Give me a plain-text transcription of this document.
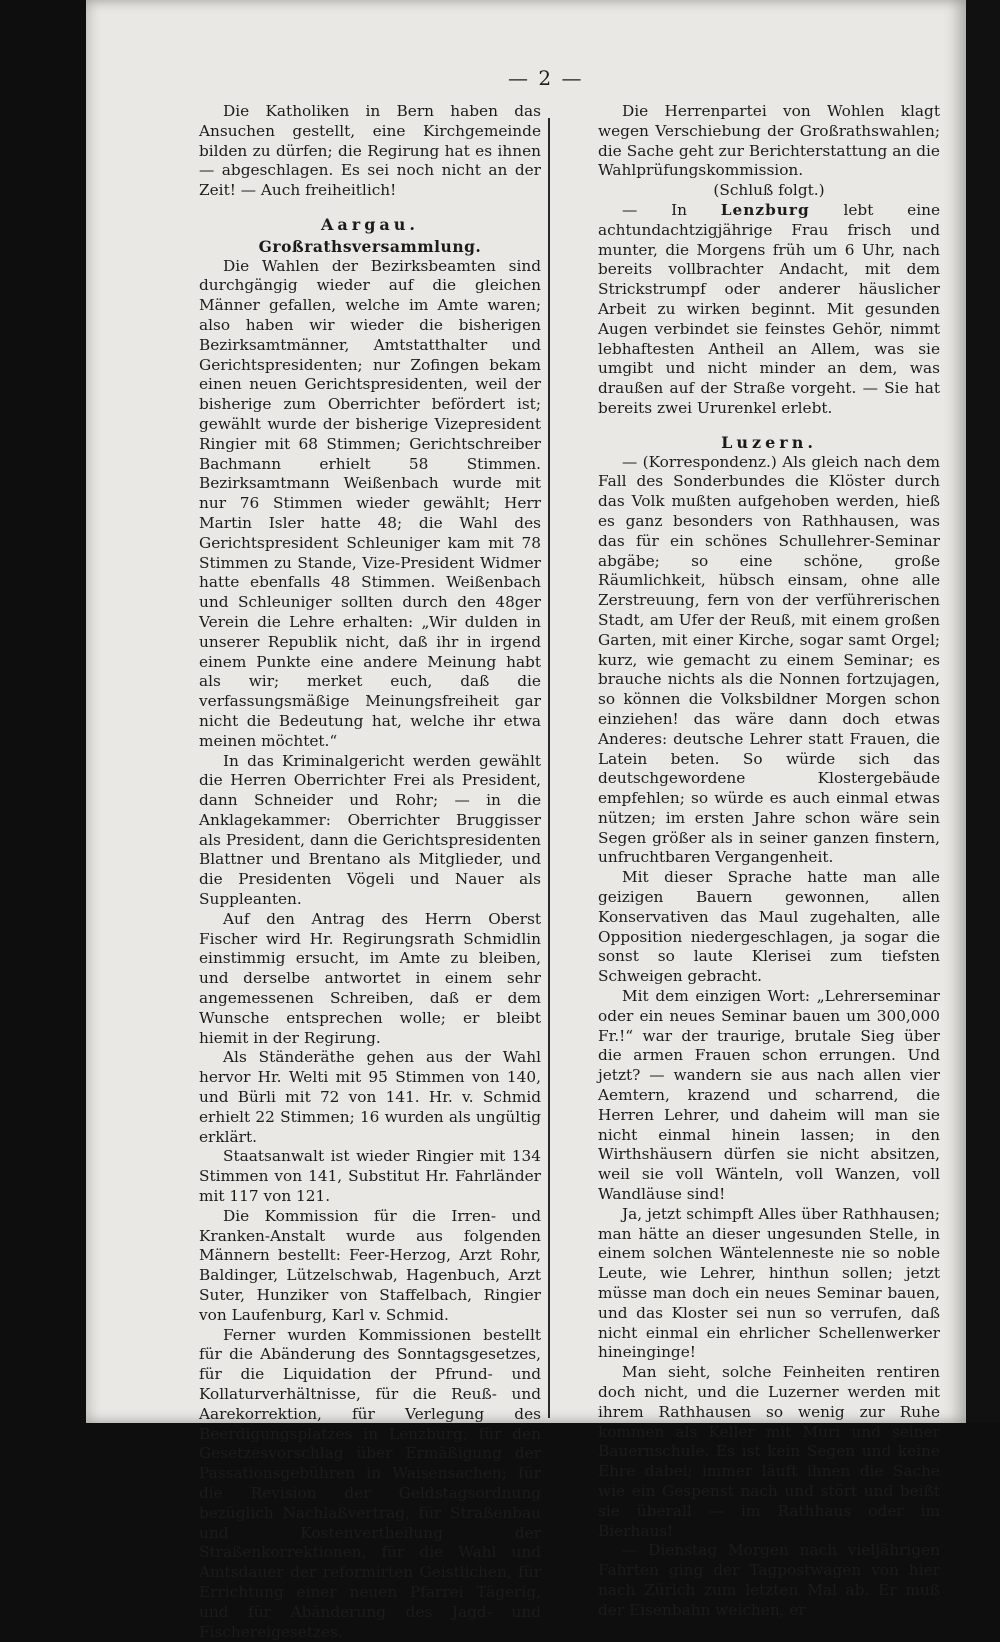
— 2 —

Die Katholiken in Bern haben das Ansuchen gestellt, eine Kirchgemeinde bilden zu dürfen; die Regirung hat es ihnen — abgeschlagen. Es sei noch nicht an der Zeit! — Auch freiheitlich!

Aargau.
Großrathsversammlung.

Die Wahlen der Bezirksbeamten sind durchgängig wieder auf die gleichen Männer gefallen, welche im Amte waren; also haben wir wieder die bisherigen Bezirksamtmänner, Amtstatthalter und Gerichtspresidenten; nur Zofingen bekam einen neuen Gerichtspresidenten, weil der bisherige zum Oberrichter befördert ist; gewählt wurde der bisherige Vizepresident Ringier mit 68 Stimmen; Gerichtschreiber Bachmann erhielt 58 Stimmen. Bezirksamtmann Weißenbach wurde mit nur 76 Stimmen wieder gewählt; Herr Martin Isler hatte 48; die Wahl des Gerichtspresident Schleuniger kam mit 78 Stimmen zu Stande, Vize-President Widmer hatte ebenfalls 48 Stimmen. Weißenbach und Schleuniger sollten durch den 48ger Verein die Lehre erhalten: „Wir dulden in unserer Republik nicht, daß ihr in irgend einem Punkte eine andere Meinung habt als wir; merket euch, daß die verfassungsmäßige Meinungsfreiheit gar nicht die Bedeutung hat, welche ihr etwa meinen möchtet.“

In das Kriminalgericht werden gewählt die Herren Oberrichter Frei als President, dann Schneider und Rohr; — in die Anklagekammer: Oberrichter Bruggisser als President, dann die Gerichtspresidenten Blattner und Brentano als Mitglieder, und die Presidenten Vögeli und Nauer als Suppleanten.

Auf den Antrag des Herrn Oberst Fischer wird Hr. Regirungsrath Schmidlin einstimmig ersucht, im Amte zu bleiben, und derselbe antwortet in einem sehr angemessenen Schreiben, daß er dem Wunsche entsprechen wolle; er bleibt hiemit in der Regirung.

Als Ständeräthe gehen aus der Wahl hervor Hr. Welti mit 95 Stimmen von 140, und Bürli mit 72 von 141. Hr. v. Schmid erhielt 22 Stimmen; 16 wurden als ungültig erklärt.

Staatsanwalt ist wieder Ringier mit 134 Stimmen von 141, Substitut Hr. Fahrländer mit 117 von 121.

Die Kommission für die Irren- und Kranken-Anstalt wurde aus folgenden Männern bestellt: Feer-Herzog, Arzt Rohr, Baldinger, Lützelschwab, Hagenbuch, Arzt Suter, Hunziker von Staffelbach, Ringier von Laufenburg, Karl v. Schmid.

Ferner wurden Kommissionen bestellt für die Abänderung des Sonntagsgesetzes, für die Liquidation der Pfrund- und Kollaturverhältnisse, für die Reuß- und Aarekorrektion, für Verlegung des Beerdigungsplatzes in Lenzburg, für den Gesetzesvorschlag über Ermäßigung der Passationsgebühren in Waisensachen; für die Revision der Geldstagsordnung bezüglich Nachlaßvertrag, für Straßenbau und Kostenvertheilung der Straßenkorrektionen, für die Wahl und Amtsdauer der reformirten Geistlichen, für Errichtung einer neuen Pfarrei Tägerig, und für Abänderung des Jagd- und Fischereigesetzes.

Die Herrenpartei von Wohlen klagt wegen Verschiebung der Großrathswahlen; die Sache geht zur Berichterstattung an die Wahlprüfungskommission.

(Schluß folgt.)

— In Lenzburg lebt eine achtundachtzigjährige Frau frisch und munter, die Morgens früh um 6 Uhr, nach bereits vollbrachter Andacht, mit dem Strickstrumpf oder anderer häuslicher Arbeit zu wirken beginnt. Mit gesunden Augen verbindet sie feinstes Gehör, nimmt lebhaftesten Antheil an Allem, was sie umgibt und nicht minder an dem, was draußen auf der Straße vorgeht. — Sie hat bereits zwei Ururenkel erlebt.

Luzern.

— (Korrespondenz.) Als gleich nach dem Fall des Sonderbundes die Klöster durch das Volk mußten aufgehoben werden, hieß es ganz besonders von Rathhausen, was das für ein schönes Schullehrer-Seminar abgäbe; so eine schöne, große Räumlichkeit, hübsch einsam, ohne alle Zerstreuung, fern von der verführerischen Stadt, am Ufer der Reuß, mit einem großen Garten, mit einer Kirche, sogar samt Orgel; kurz, wie gemacht zu einem Seminar; es brauche nichts als die Nonnen fortzujagen, so können die Volksbildner Morgen schon einziehen! das wäre dann doch etwas Anderes: deutsche Lehrer statt Frauen, die Latein beten. So würde sich das deutschgewordene Klostergebäude empfehlen; so würde es auch einmal etwas nützen; im ersten Jahre schon wäre sein Segen größer als in seiner ganzen finstern, unfruchtbaren Vergangenheit.

Mit dieser Sprache hatte man alle geizigen Bauern gewonnen, allen Konservativen das Maul zugehalten, alle Opposition niedergeschlagen, ja sogar die sonst so laute Klerisei zum tiefsten Schweigen gebracht.

Mit dem einzigen Wort: „Lehrerseminar oder ein neues Seminar bauen um 300,000 Fr.!“ war der traurige, brutale Sieg über die armen Frauen schon errungen. Und jetzt? — wandern sie aus nach allen vier Aemtern, krazend und scharrend, die Herren Lehrer, und daheim will man sie nicht einmal hinein lassen; in den Wirthshäusern dürfen sie nicht absitzen, weil sie voll Wänteln, voll Wanzen, voll Wandläuse sind!

Ja, jetzt schimpft Alles über Rathhausen; man hätte an dieser ungesunden Stelle, in einem solchen Wäntelenneste nie so noble Leute, wie Lehrer, hinthun sollen; jetzt müsse man doch ein neues Seminar bauen, und das Kloster sei nun so verrufen, daß nicht einmal ein ehrlicher Schellenwerker hineinginge!

Man sieht, solche Feinheiten rentiren doch nicht, und die Luzerner werden mit ihrem Rathhausen so wenig zur Ruhe kommen als Keller mit Muri und seiner Bauernschule. Es ist kein Segen und keine Ehre dabei; immer läuft ihnen die Sache wie ein Gespenst nach und stört und beißt sie überall — im Rathhaus oder im Bierhaus!

— Dienstag Morgen nach vieljährigen Fahrten ging der Tagpostwagen von hier nach Zürich zum letzten Mal ab. Er muß der Eisenbahn weichen, er
